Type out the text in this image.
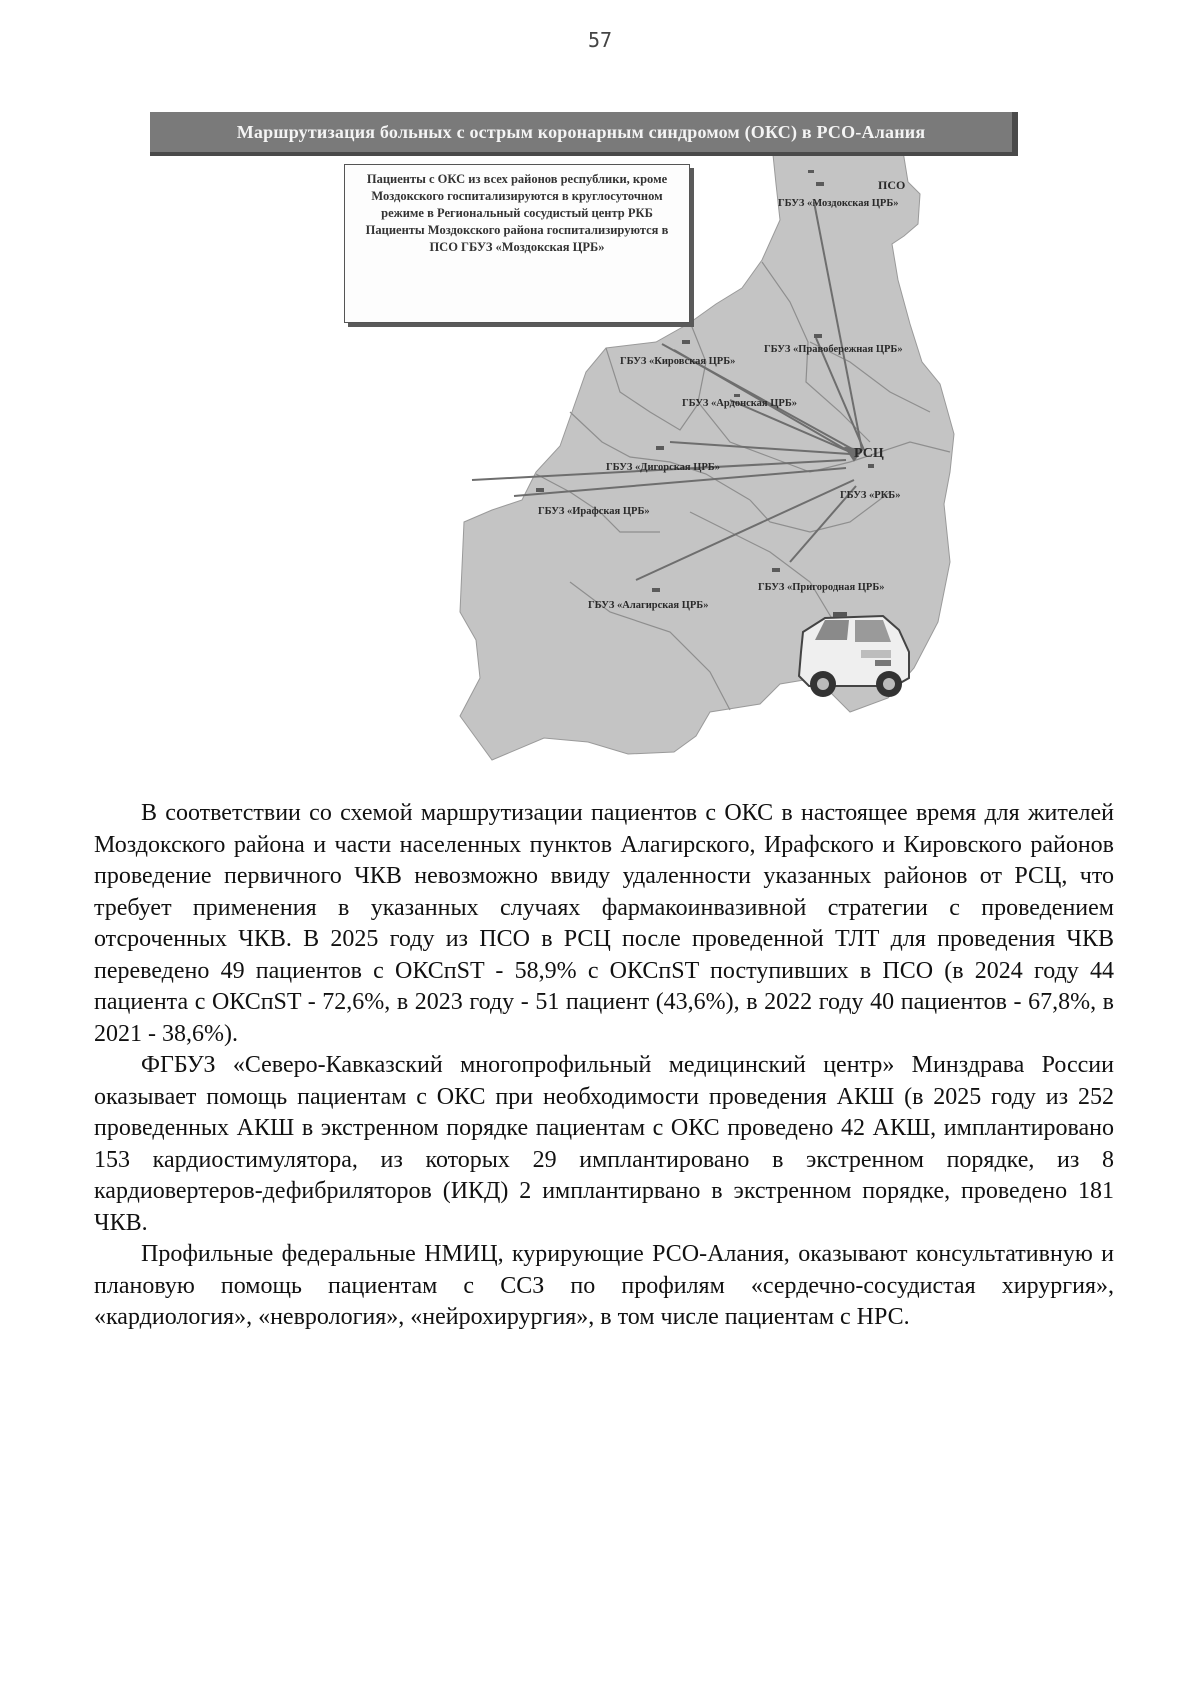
57
Маршрутизация больных с острым коронарным синдромом (ОКС) в РСО-Алания

Пациенты с ОКС из всех районов республики, кроме Моздокского госпитализируются в круглосуточном режиме в Региональный сосудистый центр РКБ

Пациенты Моздокского района госпитализируются в ПСО ГБУЗ «Моздокская ЦРБ»

ПСО
ГБУЗ «Моздокская ЦРБ»
ГБУЗ «Кировская ЦРБ»
ГБУЗ «Правобережная ЦРБ»
ГБУЗ «Ардонская ЦРБ»
РСЦ
ГБУЗ «Дигорская ЦРБ»
ГБУЗ «РКБ»
ГБУЗ «Ирафская ЦРБ»
ГБУЗ «Пригородная ЦРБ»
ГБУЗ «Алагирская ЦРБ»

В соответствии со схемой маршрутизации пациентов с ОКС в настоящее время для жителей Моздокского района и части населенных пунктов Алагирского, Ирафского и Кировского районов проведение первичного ЧКВ невозможно ввиду удаленности указанных районов от РСЦ, что требует применения в указанных случаях фармакоинвазивной стратегии с проведением отсроченных ЧКВ. В 2025 году из ПСО в РСЦ после проведенной ТЛТ для проведения ЧКВ переведено 49 пациентов с ОКСпST - 58,9% с ОКСпST поступивших в ПСО (в 2024 году 44 пациента с ОКСпST - 72,6%, в 2023 году - 51 пациент (43,6%), в 2022 году 40 пациентов - 67,8%, в 2021 - 38,6%).

ФГБУЗ «Северо-Кавказский многопрофильный медицинский центр» Минздрава России оказывает помощь пациентам с ОКС при необходимости проведения АКШ (в 2025 году из 252 проведенных АКШ в экстренном порядке пациентам с ОКС проведено 42 АКШ, имплантировано 153 кардиостимулятора, из которых 29 имплантировано в экстренном порядке, из 8 кардиовертеров-дефибриляторов (ИКД) 2 имплантирвано в экстренном порядке, проведено 181 ЧКВ.

Профильные федеральные НМИЦ, курирующие РСО-Алания, оказывают консультативную и плановую помощь пациентам с ССЗ по профилям «сердечно-сосудистая хирургия», «кардиология», «неврология», «нейрохирургия», в том числе пациентам с НРС.
